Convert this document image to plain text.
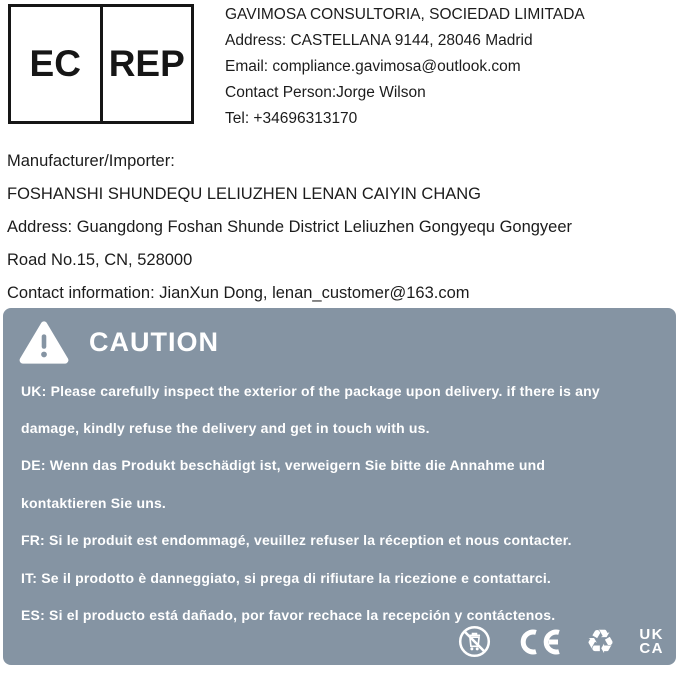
EC REP
GAVIMOSA CONSULTORIA, SOCIEDAD LIMITADA
Address: CASTELLANA 9144, 28046 Madrid
Email: compliance.gavimosa@outlook.com
Contact Person:Jorge Wilson
Tel: +34696313170
Manufacturer/Importer:
FOSHANSHI SHUNDEQU LELIUZHEN LENAN CAIYIN CHANG
Address: Guangdong Foshan Shunde District Leliuzhen Gongyequ Gongyeer
Road No.15, CN, 528000
Contact information: JianXun Dong, lenan_customer@163.com
CAUTION
UK: Please carefully inspect the exterior of the package upon delivery. if there is any
damage, kindly refuse the delivery and get in touch with us.
DE: Wenn das Produkt beschädigt ist, verweigern Sie bitte die Annahme und
kontaktieren Sie uns.
FR: Si le produit est endommagé, veuillez refuser la réception et nous contacter.
IT: Se il prodotto è danneggiato, si prega di rifiutare la ricezione e contattarci.
ES: Si el producto está dañado, por favor rechace la recepción y contáctenos.
♻ UK
CA
